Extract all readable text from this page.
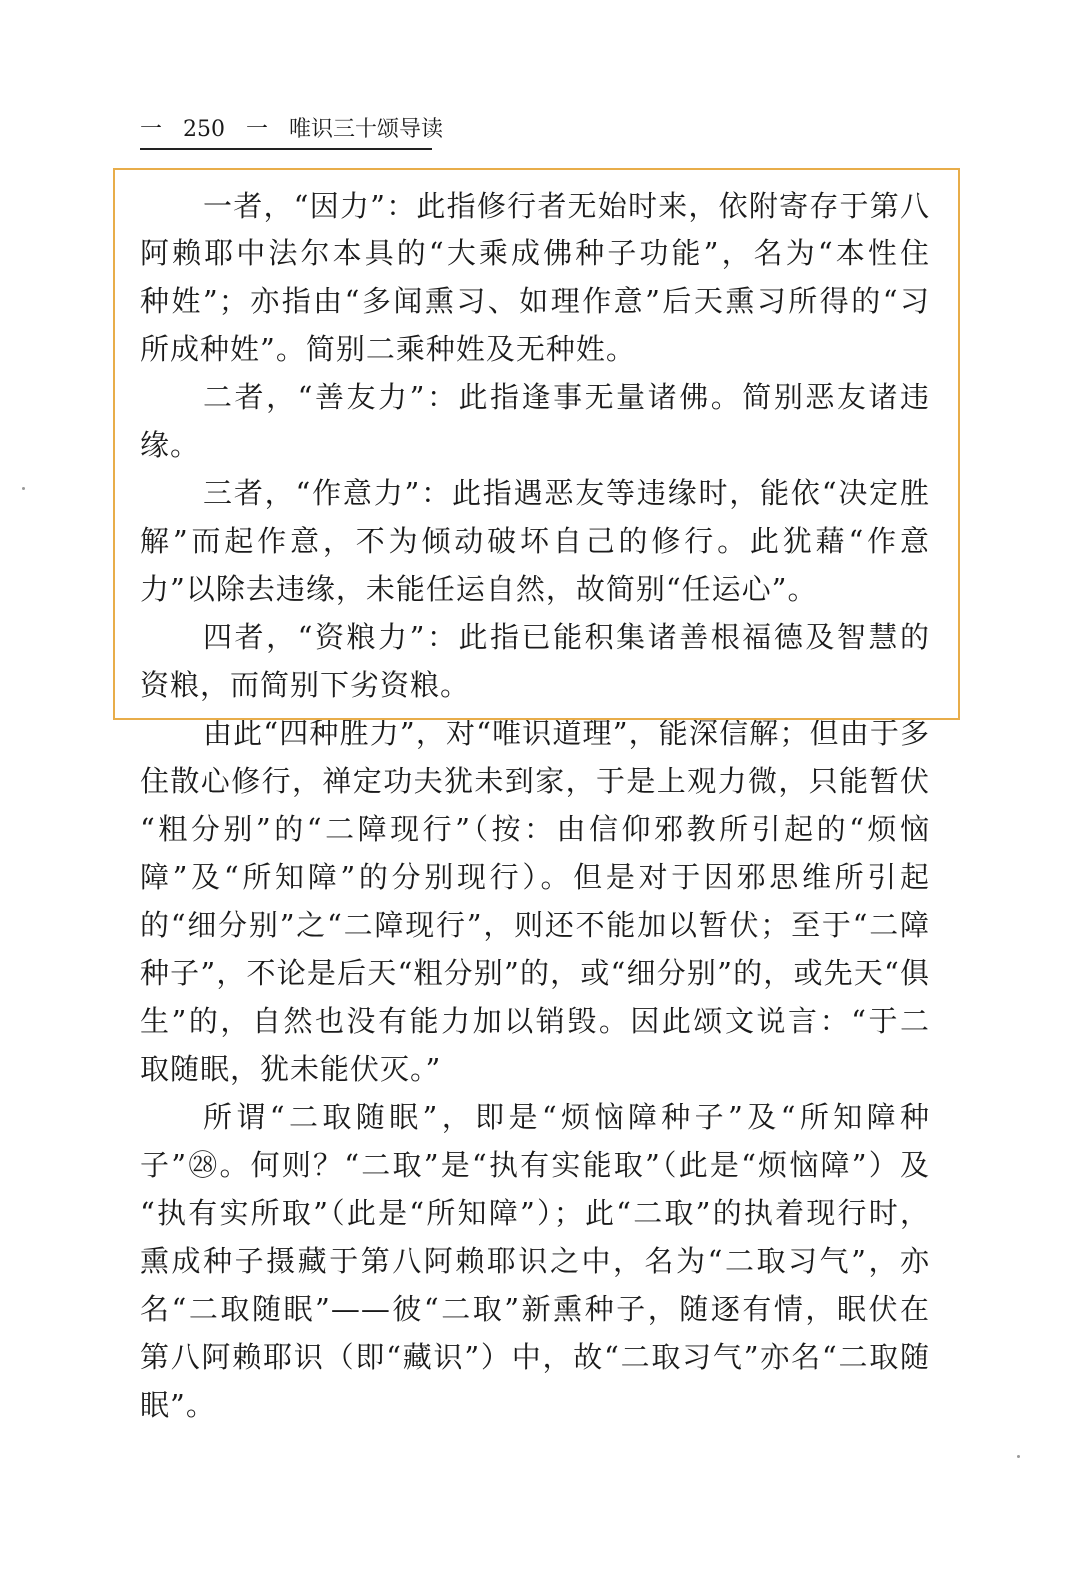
一 250 一 唯识三十颂导读
一者，“因力”：此指修行者无始时来，依附寄存于第八
阿赖耶中法尔本具的“大乘成佛种子功能”，名为“本性住
种姓”；亦指由“多闻熏习、如理作意”后天熏习所得的“习
所成种姓”。简别二乘种姓及无种姓。
二者，“善友力”：此指逢事无量诸佛。简别恶友诸违
缘。
三者，“作意力”：此指遇恶友等违缘时，能依“决定胜
解”而起作意，不为倾动破坏自己的修行。此犹藉“作意
力”以除去违缘，未能任运自然，故简别“任运心”。
四者，“资粮力”：此指已能积集诸善根福德及智慧的
资粮，而简别下劣资粮。
由此“四种胜力”，对“唯识道理”，能深信解；但由于多
住散心修行，禅定功夫犹未到家，于是上观力微，只能暂伏
“粗分别”的“二障现行”（按：由信仰邪教所引起的“烦恼
障”及“所知障”的分别现行）。但是对于因邪思维所引起
的“细分别”之“二障现行”，则还不能加以暂伏；至于“二障
种子”，不论是后天“粗分别”的，或“细分别”的，或先天“俱
生”的，自然也没有能力加以销毁。因此颂文说言：“于二
取随眠，犹未能伏灭。”
所谓“二取随眠”，即是“烦恼障种子”及“所知障种
子”㉘。何则？“二取”是“执有实能取”（此是“烦恼障”）及
“执有实所取”（此是“所知障”）；此“二取”的执着现行时，
熏成种子摄藏于第八阿赖耶识之中，名为“二取习气”，亦
名“二取随眠”——彼“二取”新熏种子，随逐有情，眠伏在
第八阿赖耶识（即“藏识”）中，故“二取习气”亦名“二取随
眠”。
